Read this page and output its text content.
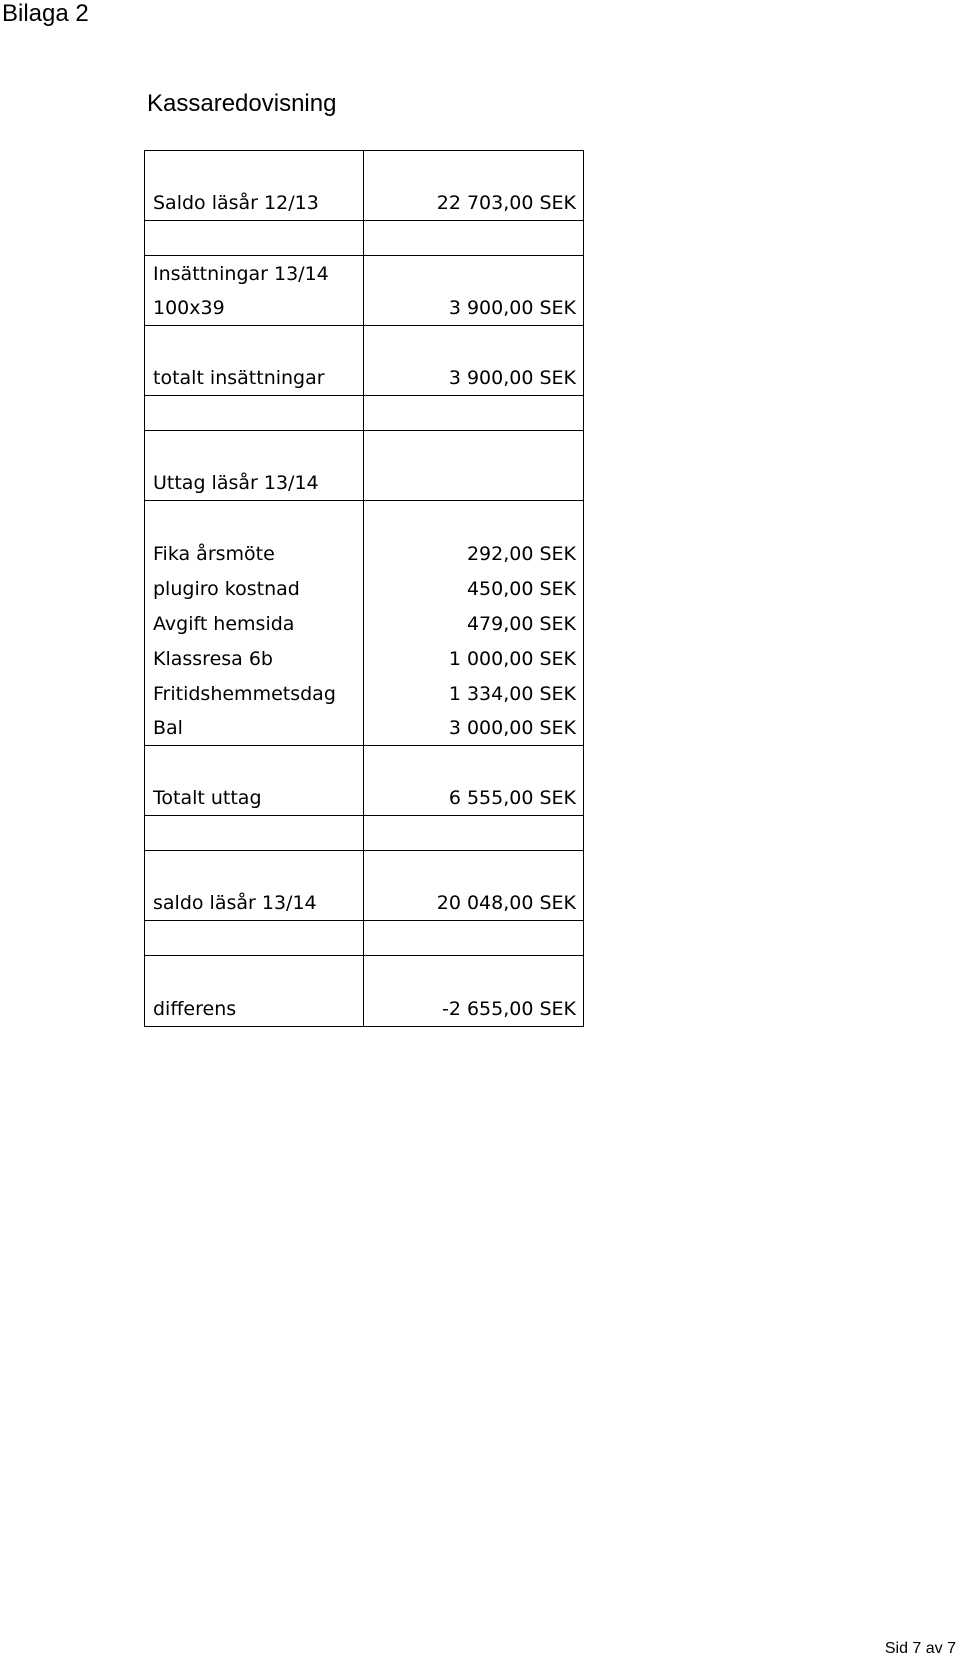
Bilaga 2
Kassaredovisning
Saldo läsår 12/13	22 703,00 SEK
Insättningar 13/14
100x39	3 900,00 SEK
totalt insättningar	3 900,00 SEK
Uttag läsår 13/14
Fika årsmöte	292,00 SEK
plugiro kostnad	450,00 SEK
Avgift hemsida	479,00 SEK
Klassresa 6b	1 000,00 SEK
Fritidshemmetsdag	1 334,00 SEK
Bal	3 000,00 SEK
Totalt uttag	6 555,00 SEK
saldo läsår 13/14	20 048,00 SEK
differens	-2 655,00 SEK
Sid 7 av 7
